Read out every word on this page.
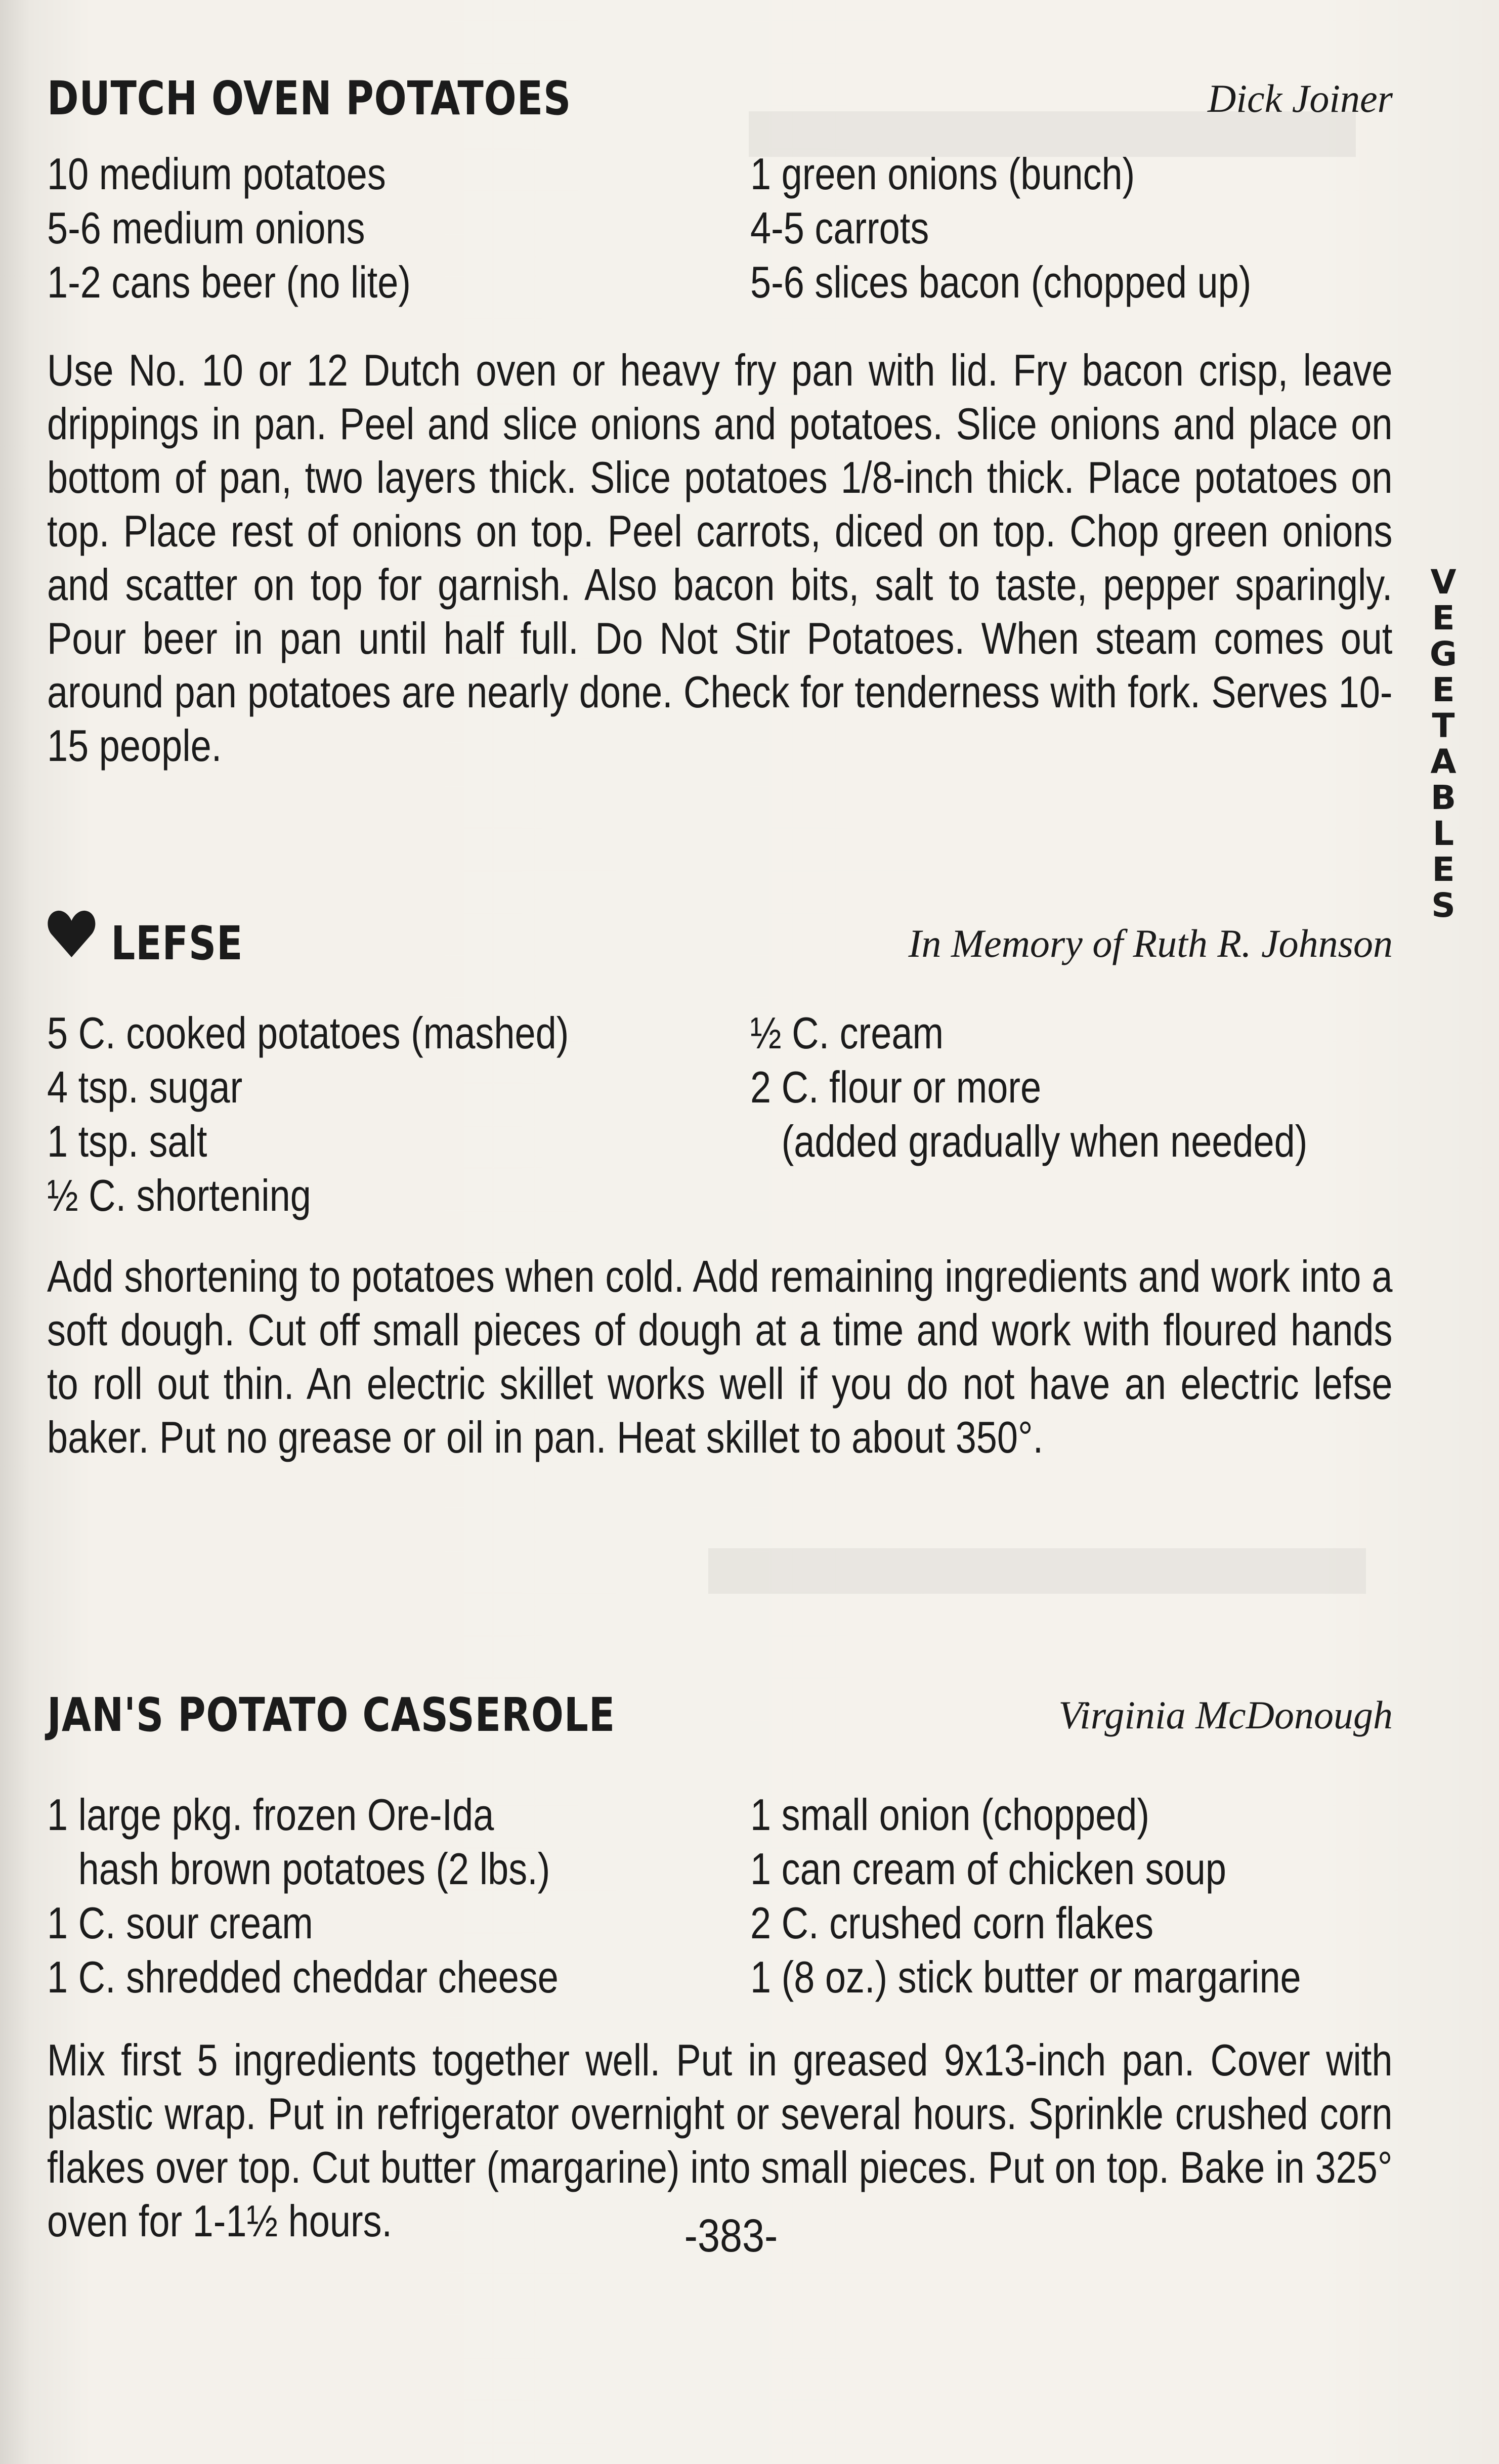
DUTCH OVEN POTATOES	Dick Joiner
10 medium potatoes
5-6 medium onions
1-2 cans beer (no lite)
1 green onions (bunch)
4-5 carrots
5-6 slices bacon (chopped up)

Use No. 10 or 12 Dutch oven or heavy fry pan with lid. Fry bacon crisp, leave drippings in pan. Peel and slice onions and potatoes. Slice onions and place on bottom of pan, two layers thick. Slice potatoes 1/8-inch thick. Place potatoes on top. Place rest of onions on top. Peel carrots, diced on top. Chop green onions and scatter on top for garnish. Also bacon bits, salt to taste, pepper sparingly. Pour beer in pan until half full. Do Not Stir Potatoes. When steam comes out around pan potatoes are nearly done. Check for tenderness with fork. Serves 10-15 people.

LEFSE	In Memory of Ruth R. Johnson
5 C. cooked potatoes (mashed)
4 tsp. sugar
1 tsp. salt
½ C. shortening
½ C. cream
2 C. flour or more
(added gradually when needed)

Add shortening to potatoes when cold. Add remaining ingredients and work into a soft dough. Cut off small pieces of dough at a time and work with floured hands to roll out thin. An electric skillet works well if you do not have an electric lefse baker. Put no grease or oil in pan. Heat skillet to about 350°.

JAN'S POTATO CASSEROLE	Virginia McDonough
1 large pkg. frozen Ore-Ida
hash brown potatoes (2 lbs.)
1 C. sour cream
1 C. shredded cheddar cheese
1 small onion (chopped)
1 can cream of chicken soup
2 C. crushed corn flakes
1 (8 oz.) stick butter or margarine

Mix first 5 ingredients together well. Put in greased 9x13-inch pan. Cover with plastic wrap. Put in refrigerator overnight or several hours. Sprinkle crushed corn flakes over top. Cut butter (margarine) into small pieces. Put on top. Bake in 325° oven for 1-1½ hours.

V
E
G
E
T
A
B
L
E
S
-383-
